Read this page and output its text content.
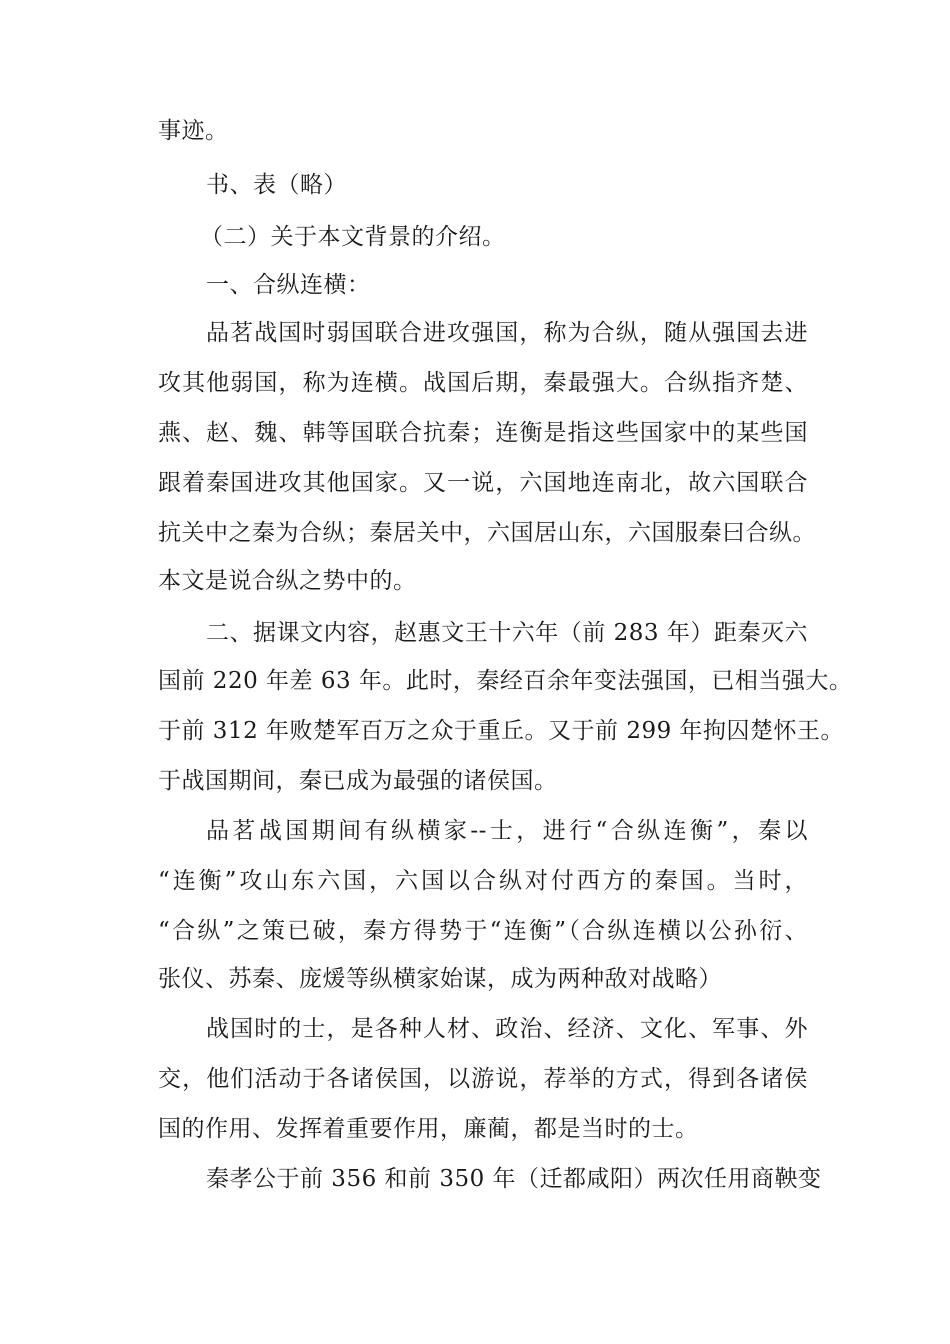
事迹。
书、表（略）
（二）关于本文背景的介绍。
一、合纵连横：
品茗战国时弱国联合进攻强国，称为合纵，随从强国去进
攻其他弱国，称为连横。战国后期，秦最强大。合纵指齐楚、
燕、赵、魏、韩等国联合抗秦；连衡是指这些国家中的某些国
跟着秦国进攻其他国家。又一说，六国地连南北，故六国联合
抗关中之秦为合纵；秦居关中，六国居山东，六国服秦曰合纵。
本文是说合纵之势中的。
二、据课文内容，赵惠文王十六年（前 283 年）距秦灭六
国前 220 年差 63 年。此时，秦经百余年变法强国，已相当强大。
于前 312 年败楚军百万之众于重丘。又于前 299 年拘囚楚怀王。
于战国期间，秦已成为最强的诸侯国。
品茗战国期间有纵横家--士，进行“合纵连衡”，秦以
“连衡”攻山东六国，六国以合纵对付西方的秦国。当时，
“合纵”之策已破，秦方得势于“连衡”（合纵连横以公孙衍、
张仪、苏秦、庞煖等纵横家始谋，成为两种敌对战略）
战国时的士，是各种人材、政治、经济、文化、军事、外
交，他们活动于各诸侯国，以游说，荐举的方式，得到各诸侯
国的作用、发挥着重要作用，廉蔺，都是当时的士。
秦孝公于前 356 和前 350 年（迁都咸阳）两次任用商鞅变
